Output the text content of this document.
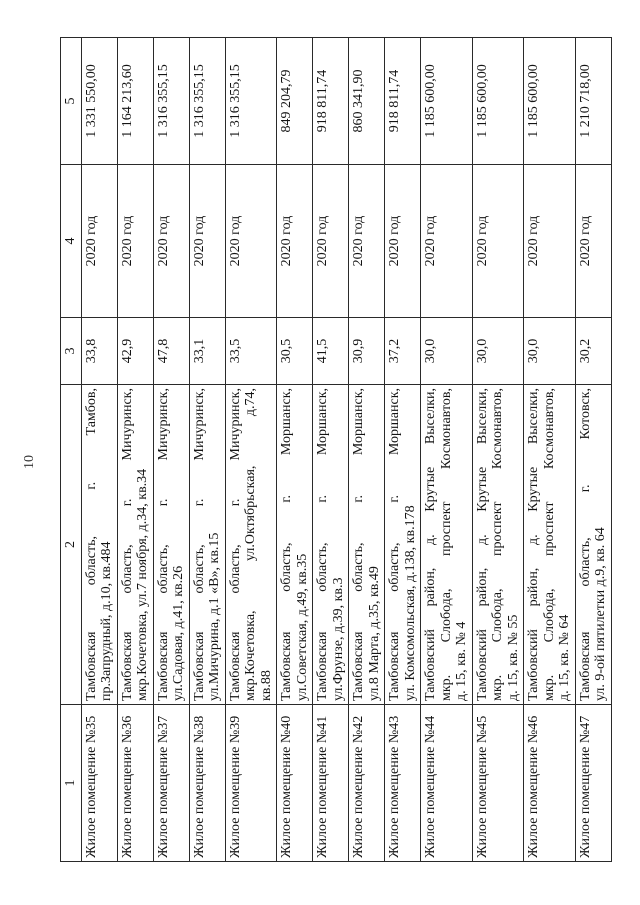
10
1	2	3	4	5
Жилое помещение №35	Тамбовская область, г. Тамбов, пр.Запрудный, д.10, кв.484	33,8	2020 год	1 331 550,00
Жилое помещение №36	Тамбовская область, г. Мичуринск, мкр.Кочетовка, ул.7 ноября, д.34, кв.34	42,9	2020 год	1 164 213,60
Жилое помещение №37	Тамбовская область, г. Мичуринск, ул.Садовая, д.41, кв.26	47,8	2020 год	1 316 355,15
Жилое помещение №38	Тамбовская область, г. Мичуринск, ул.Мичурина, д.1 «В», кв.15	33,1	2020 год	1 316 355,15
Жилое помещение №39	Тамбовская область, г. Мичуринск, мкр.Кочетовка, ул.Октябрьская, д.74, кв.88	33,5	2020 год	1 316 355,15
Жилое помещение №40	Тамбовская область, г. Моршанск, ул.Советская, д.49, кв.35	30,5	2020 год	849 204,79
Жилое помещение №41	Тамбовская область, г. Моршанск, ул.Фрунзе, д.39, кв.3	41,5	2020 год	918 811,74
Жилое помещение №42	Тамбовская область, г. Моршанск, ул.8 Марта, д.35, кв.49	30,9	2020 год	860 341,90
Жилое помещение №43	Тамбовская область, г. Моршанск, ул. Комсомольская, д.138, кв.178	37,2	2020 год	918 811,74
Жилое помещение №44	Тамбовский район, д. Крутые Выселки, мкр. Слобода, проспект Космонавтов, д. 15, кв. № 4	30,0	2020 год	1 185 600,00
Жилое помещение №45	Тамбовский район, д. Крутые Выселки, мкр. Слобода, проспект Космонавтов, д. 15, кв. № 55	30,0	2020 год	1 185 600,00
Жилое помещение №46	Тамбовский район, д. Крутые Выселки, мкр. Слобода, проспект Космонавтов, д. 15, кв. № 64	30,0	2020 год	1 185 600,00
Жилое помещение №47	Тамбовская область, г. Котовск, ул. 9-ой пятилетки д.9, кв. 64	30,2	2020 год	1 210 718,00
